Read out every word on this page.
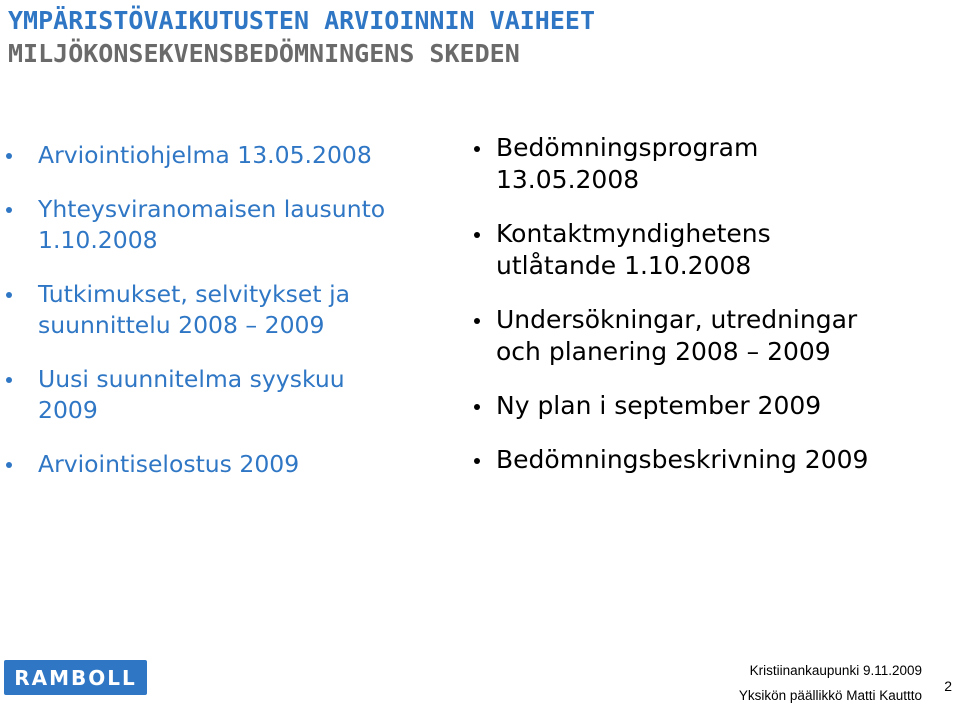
YMPÄRISTÖVAIKUTUSTEN ARVIOINNIN VAIHEET
MILJÖKONSEKVENSBEDÖMNINGENS SKEDEN
Arviointiohjelma 13.05.2008
Yhteysviranomaisen lausunto
1.10.2008
Tutkimukset, selvitykset ja
suunnittelu 2008 – 2009
Uusi suunnitelma syyskuu
2009
Arviointiselostus 2009
Bedömningsprogram
13.05.2008
Kontaktmyndighetens
utlåtande 1.10.2008
Undersökningar, utredningar
och planering 2008 – 2009
Ny plan i september 2009
Bedömningsbeskrivning 2009
RAMBOLL	Kristiinankaupunki 9.11.2009
Yksikön päällikkö Matti Kauttto
2
